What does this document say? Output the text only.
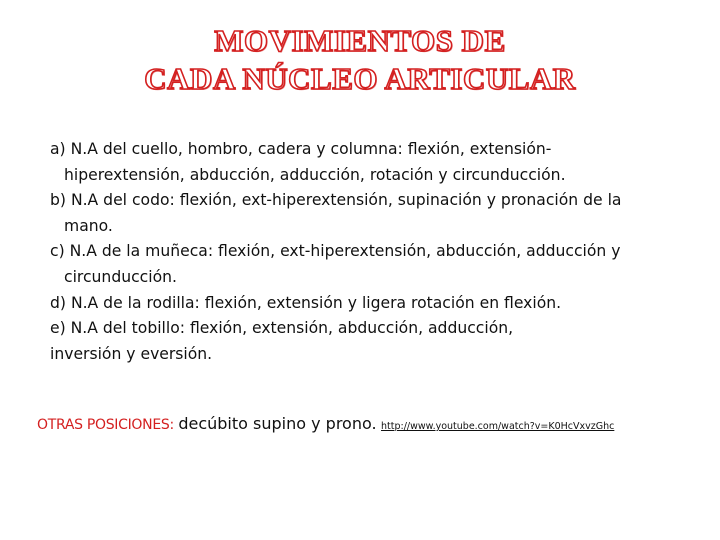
MOVIMIENTOS DE
CADA NÚCLEO ARTICULAR
a) N.A del cuello, hombro, cadera y columna: flexión, extensión-hiperextensión, abducción, adducción, rotación y circunducción.
b) N.A del codo: flexión, ext-hiperextensión, supinación y pronación de la mano.
c) N.A de la muñeca: flexión, ext-hiperextensión, abducción, adducción y circunducción.
d) N.A de la rodilla: flexión, extensión y ligera rotación en flexión.
e) N.A del tobillo: flexión, extensión, abducción, adducción,
inversión y eversión.
OTRAS POSICIONES: decúbito supino y prono. http://www.youtube.com/watch?v=K0HcVxvzGhc
